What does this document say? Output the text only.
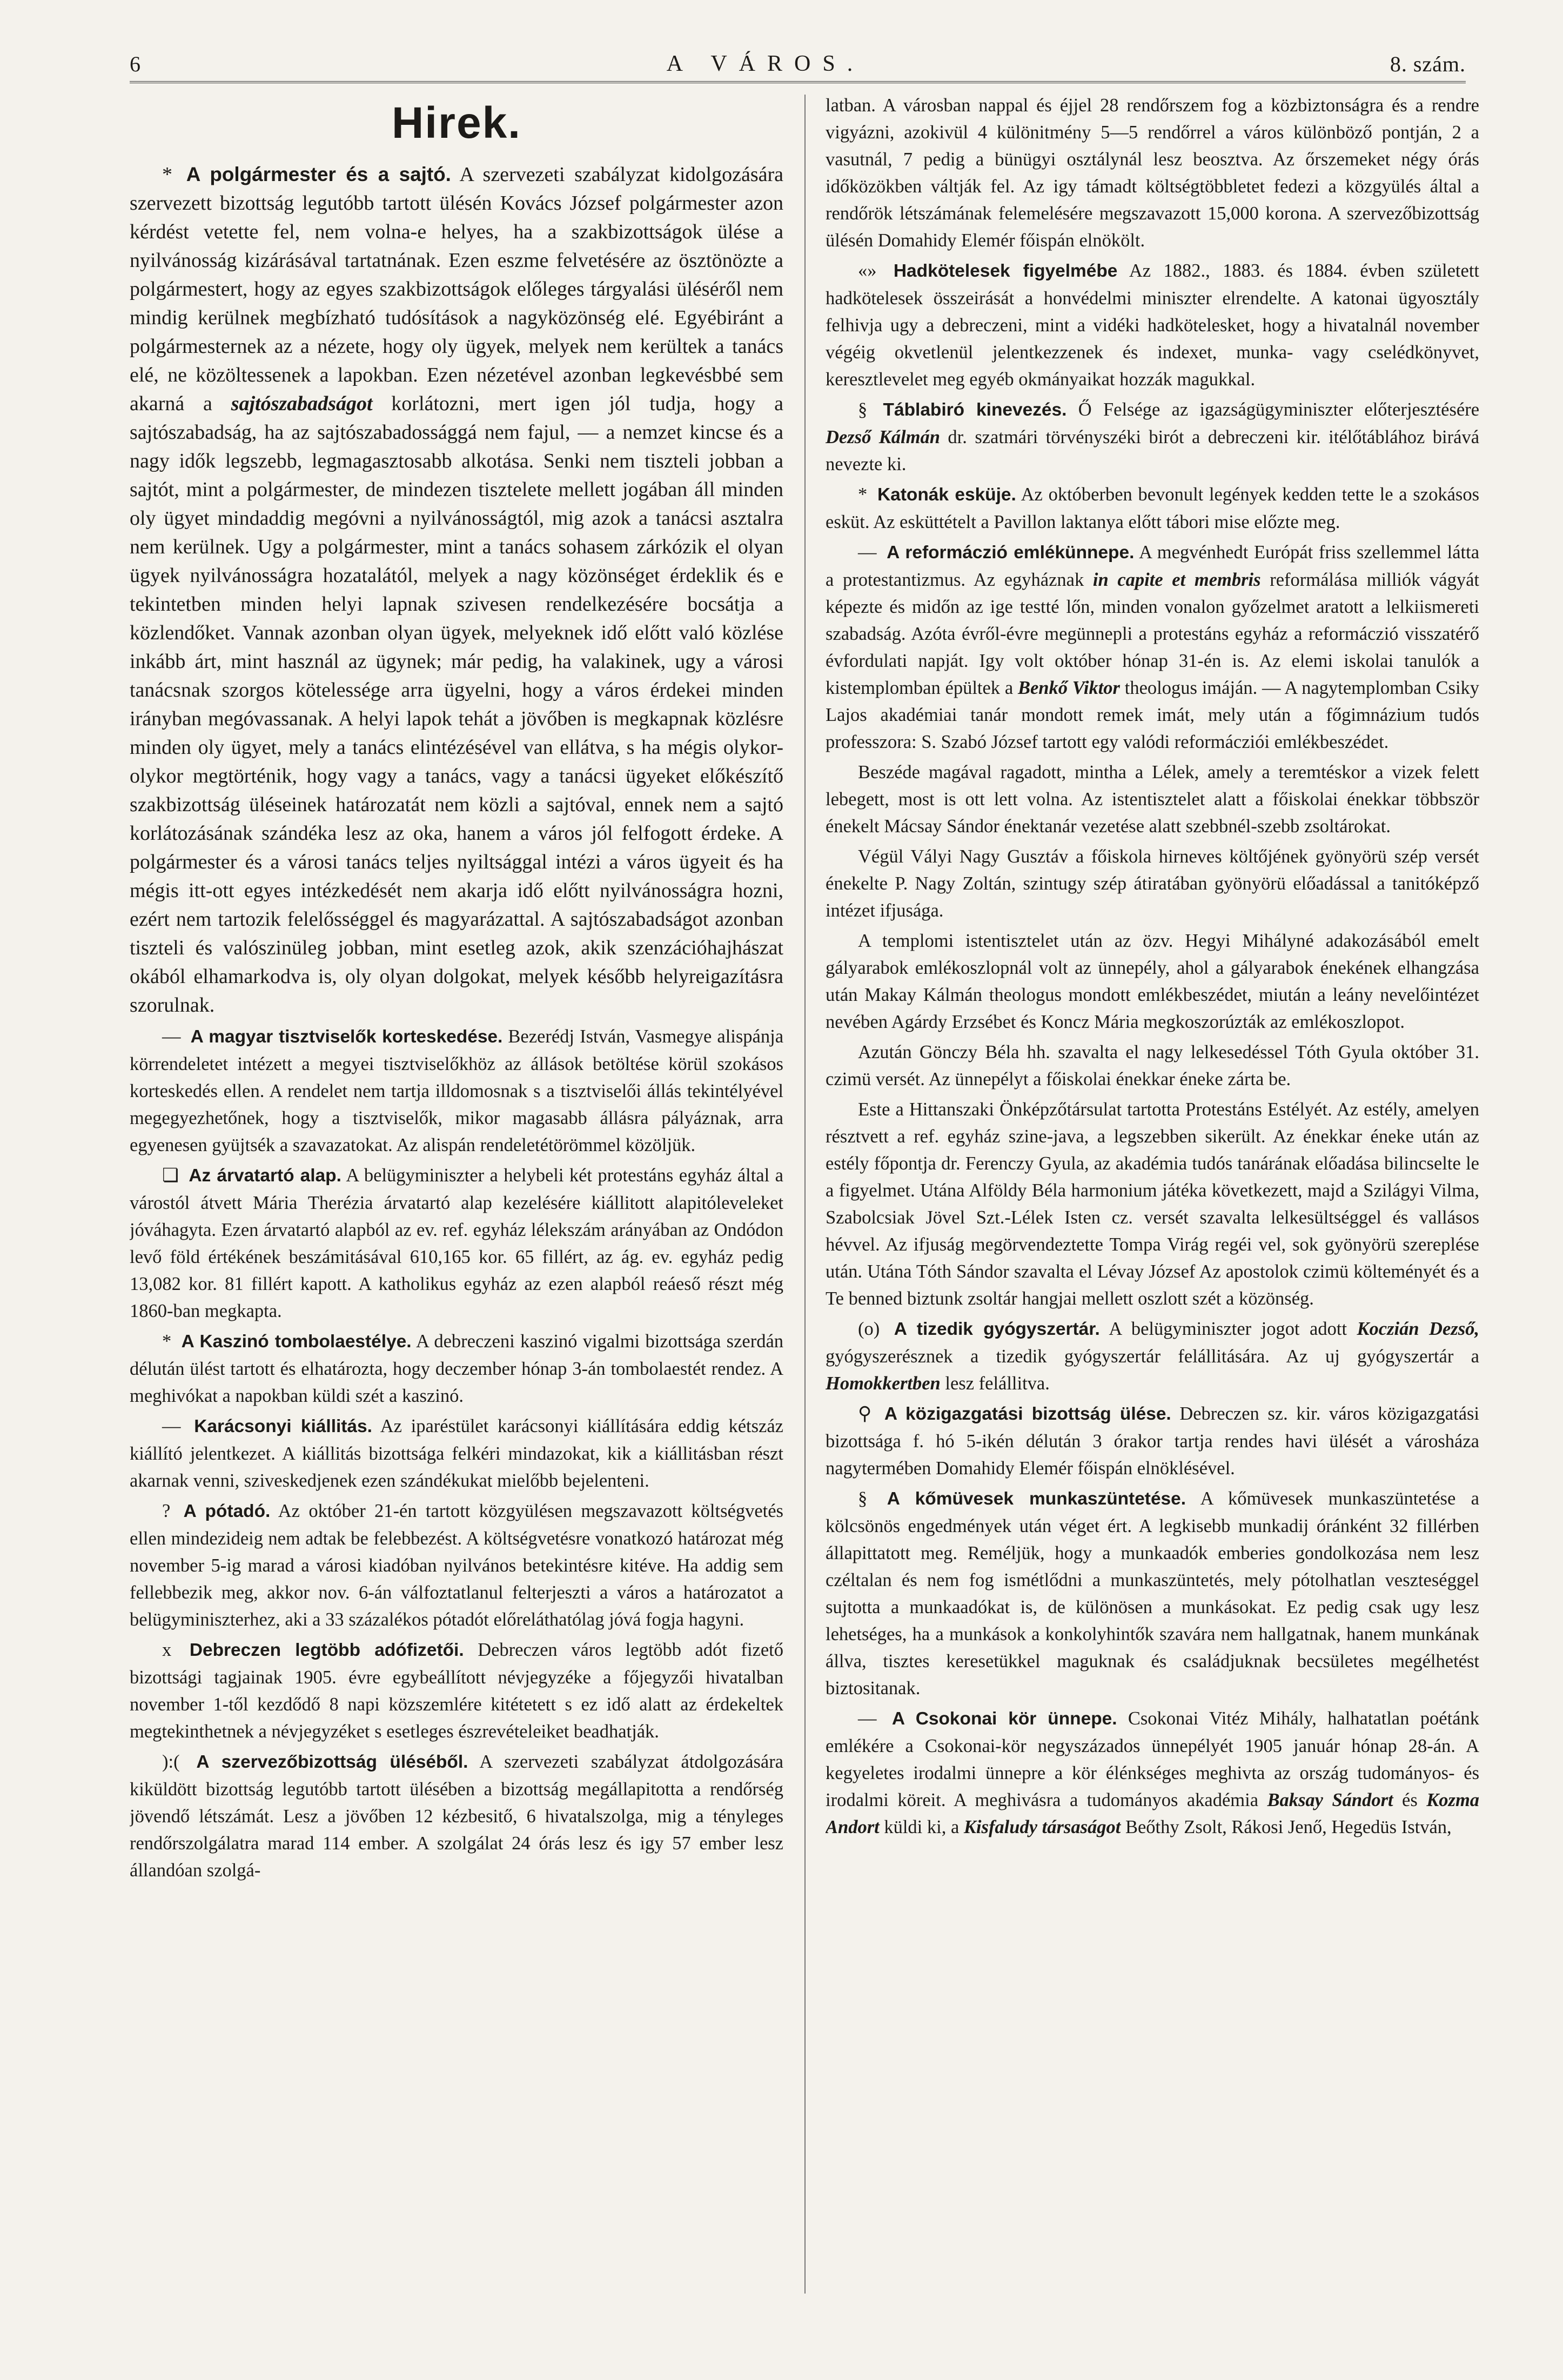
6	A VÁROS.	8. szám.
Hirek.

* A polgármester és a sajtó. A szervezeti szabályzat kidolgozására szervezett bizottság legutóbb tartott ülésén Kovács József polgármester azon kérdést vetette fel, nem volna-e helyes, ha a szakbizottságok ülése a nyilvánosság kizárásával tartatnának. Ezen eszme felvetésére az ösztönözte a polgármestert, hogy az egyes szakbizottságok előleges tárgyalási üléséről nem mindig kerülnek megbízható tudósítások a nagyközönség elé. Egyébiránt a polgármesternek az a nézete, hogy oly ügyek, melyek nem kerültek a tanács elé, ne közöltessenek a lapokban. Ezen nézetével azonban legkevésbbé sem akarná a sajtószabadságot korlátozni, mert igen jól tudja, hogy a sajtószabadság, ha az sajtószabadossággá nem fajul, — a nemzet kincse és a nagy idők legszebb, legmagasztosabb alkotása. Senki nem tiszteli jobban a sajtót, mint a polgármester, de mindezen tisztelete mellett jogában áll minden oly ügyet mindaddig megóvni a nyilvánosságtól, mig azok a tanácsi asztalra nem kerülnek. Ugy a polgármester, mint a tanács sohasem zárkózik el olyan ügyek nyilvánosságra hozatalától, melyek a nagy közönséget érdeklik és e tekintetben minden helyi lapnak szivesen rendelkezésére bocsátja a közlendőket. Vannak azonban olyan ügyek, melyeknek idő előtt való közlése inkább árt, mint használ az ügynek; már pedig, ha valakinek, ugy a városi tanácsnak szorgos kötelessége arra ügyelni, hogy a város érdekei minden irányban megóvassanak. A helyi lapok tehát a jövőben is megkapnak közlésre minden oly ügyet, mely a tanács elintézésével van ellátva, s ha mégis olykor-olykor megtörténik, hogy vagy a tanács, vagy a tanácsi ügyeket előkészítő szakbizottság üléseinek határozatát nem közli a sajtóval, ennek nem a sajtó korlátozásának szándéka lesz az oka, hanem a város jól felfogott érdeke. A polgármester és a városi tanács teljes nyiltsággal intézi a város ügyeit és ha mégis itt-ott egyes intézkedését nem akarja idő előtt nyilvánosságra hozni, ezért nem tartozik felelősséggel és magyarázattal. A sajtószabadságot azonban tiszteli és valószinüleg jobban, mint esetleg azok, akik szenzációhajhászat okából elhamarkodva is, oly olyan dolgokat, melyek később helyreigazításra szorulnak.

— A magyar tisztviselők korteskedése. Bezerédj István, Vasmegye alispánja körrendeletet intézett a megyei tisztviselőkhöz az állások betöltése körül szokásos korteskedés ellen. A rendelet nem tartja illdomosnak s a tisztviselői állás tekintélyével megegyezhetőnek, hogy a tisztviselők, mikor magasabb állásra pályáznak, arra egyenesen gyüjtsék a szavazatokat. Az alispán rendeletétörömmel közöljük.

❏ Az árvatartó alap. A belügyminiszter a helybeli két protestáns egyház által a várostól átvett Mária Therézia árvatartó alap kezelésére kiállitott alapitóleveleket jóváhagyta. Ezen árvatartó alapból az ev. ref. egyház lélekszám arányában az Ondódon levő föld értékének beszámitásával 610,165 kor. 65 fillért, az ág. ev. egyház pedig 13,082 kor. 81 fillért kapott. A katholikus egyház az ezen alapból reáeső részt még 1860-ban megkapta.

* A Kaszinó tombolaestélye. A debreczeni kaszinó vigalmi bizottsága szerdán délután ülést tartott és elhatározta, hogy deczember hónap 3-án tombolaestét rendez. A meghivókat a napokban küldi szét a kaszinó.

— Karácsonyi kiállitás. Az iparéstület karácsonyi kiállítására eddig kétszáz kiállító jelentkezet. A kiállitás bizottsága felkéri mindazokat, kik a kiállitásban részt akarnak venni, sziveskedjenek ezen szándékukat mielőbb bejelenteni.

? A pótadó. Az október 21-én tartott közgyülésen megszavazott költségvetés ellen mindezideig nem adtak be felebbezést. A költségvetésre vonatkozó határozat még november 5-ig marad a városi kiadóban nyilvános betekintésre kitéve. Ha addig sem fellebbezik meg, akkor nov. 6-án válfoztatlanul felterjeszti a város a határozatot a belügyminiszterhez, aki a 33 százalékos pótadót előreláthatólag jóvá fogja hagyni.

x Debreczen legtöbb adófizetői. Debreczen város legtöbb adót fizető bizottsági tagjainak 1905. évre egybeállított névjegyzéke a főjegyzői hivatalban november 1-től kezdődő 8 napi közszemlére kitétetett s ez idő alatt az érdekeltek megtekinthetnek a névjegyzéket s esetleges észrevételeiket beadhatják.

):( A szervezőbizottság üléséből. A szervezeti szabályzat átdolgozására kiküldött bizottság legutóbb tartott ülésében a bizottság megállapitotta a rendőrség jövendő létszámát. Lesz a jövőben 12 kézbesitő, 6 hivatalszolga, mig a tényleges rendőrszolgálatra marad 114 ember. A szolgálat 24 órás lesz és igy 57 ember lesz állandóan szolgá-

latban. A városban nappal és éjjel 28 rendőrszem fog a közbiztonságra és a rendre vigyázni, azokivül 4 különitmény 5—5 rendőrrel a város különböző pontján, 2 a vasutnál, 7 pedig a bünügyi osztálynál lesz beosztva. Az őrszemeket négy órás időközökben váltják fel. Az igy támadt költségtöbbletet fedezi a közgyülés által a rendőrök létszámának felemelésére megszavazott 15,000 korona. A szervezőbizottság ülésén Domahidy Elemér főispán elnökölt.

«» Hadkötelesek figyelmébe Az 1882., 1883. és 1884. évben született hadkötelesek összeirását a honvédelmi miniszter elrendelte. A katonai ügyosztály felhivja ugy a debreczeni, mint a vidéki hadkötelesket, hogy a hivatalnál november végéig okvetlenül jelentkezzenek és indexet, munka- vagy cselédkönyvet, keresztlevelet meg egyéb okmányaikat hozzák magukkal.

§ Táblabiró kinevezés. Ő Felsége az igazságügyminiszter előterjesztésére Dezső Kálmán dr. szatmári törvényszéki birót a debreczeni kir. itélőtáblához birává nevezte ki.

* Katonák esküje. Az októberben bevonult legények kedden tette le a szokásos esküt. Az esküttételt a Pavillon laktanya előtt tábori mise előzte meg.

— A reformáczió emlékünnepe. A megvénhedt Európát friss szellemmel látta a protestantizmus. Az egyháznak in capite et membris reformálása milliók vágyát képezte és midőn az ige testté lőn, minden vonalon győzelmet aratott a lelkiismereti szabadság. Azóta évről-évre megünnepli a protestáns egyház a reformáczió visszatérő évfordulati napját. Igy volt október hónap 31-én is. Az elemi iskolai tanulók a kistemplomban épültek a Benkő Viktor theologus imáján. — A nagytemplomban Csiky Lajos akadémiai tanár mondott remek imát, mely után a főgimnázium tudós professzora: S. Szabó József tartott egy valódi reformácziói emlékbeszédet.

Beszéde magával ragadott, mintha a Lélek, amely a teremtéskor a vizek felett lebegett, most is ott lett volna. Az istentisztelet alatt a főiskolai énekkar többször énekelt Mácsay Sándor énektanár vezetése alatt szebbnél-szebb zsoltárokat.

Végül Vályi Nagy Gusztáv a főiskola hirneves költőjének gyönyörü szép versét énekelte P. Nagy Zoltán, szintugy szép átiratában gyönyörü előadással a tanitóképző intézet ifjusága.

A templomi istentisztelet után az özv. Hegyi Mihályné adakozásából emelt gályarabok emlékoszlopnál volt az ünnepély, ahol a gályarabok énekének elhangzása után Makay Kálmán theologus mondott emlékbeszédet, miután a leány nevelőintézet nevében Agárdy Erzsébet és Koncz Mária megkoszorúzták az emlékoszlopot.

Azután Gönczy Béla hh. szavalta el nagy lelkesedéssel Tóth Gyula október 31. czimü versét. Az ünnepélyt a főiskolai énekkar éneke zárta be.

Este a Hittanszaki Önképzőtársulat tartotta Protestáns Estélyét. Az estély, amelyen résztvett a ref. egyház szine-java, a legszebben sikerült. Az énekkar éneke után az estély főpontja dr. Ferenczy Gyula, az akadémia tudós tanárának előadása bilincselte le a figyelmet. Utána Alföldy Béla harmonium játéka következett, majd a Szilágyi Vilma, Szabolcsiak Jövel Szt.-Lélek Isten cz. versét szavalta lelkesültséggel és vallásos hévvel. Az ifjuság megörvendeztette Tompa Virág regéi vel, sok gyönyörü szereplése után. Utána Tóth Sándor szavalta el Lévay József Az apostolok czimü költeményét és a Te benned biztunk zsoltár hangjai mellett oszlott szét a közönség.

(o) A tizedik gyógyszertár. A belügyminiszter jogot adott Koczián Dezső, gyógyszerésznek a tizedik gyógyszertár felállitására. Az uj gyógyszertár a Homokkertben lesz felállitva.

⚲ A közigazgatási bizottság ülése. Debreczen sz. kir. város közigazgatási bizottsága f. hó 5-ikén délután 3 órakor tartja rendes havi ülését a városháza nagytermében Domahidy Elemér főispán elnöklésével.

§ A kőmüvesek munkaszüntetése. A kőmüvesek munkaszüntetése a kölcsönös engedmények után véget ért. A legkisebb munkadij óránként 32 fillérben állapittatott meg. Reméljük, hogy a munkaadók emberies gondolkozása nem lesz czéltalan és nem fog ismétlődni a munkaszüntetés, mely pótolhatlan veszteséggel sujtotta a munkaadókat is, de különösen a munkásokat. Ez pedig csak ugy lesz lehetséges, ha a munkások a konkolyhintők szavára nem hallgatnak, hanem munkának állva, tisztes keresetükkel maguknak és családjuknak becsületes megélhetést biztositanak.

— A Csokonai kör ünnepe. Csokonai Vitéz Mihály, halhatatlan poétánk emlékére a Csokonai-kör negyszázados ünnepélyét 1905 január hónap 28-án. A kegyeletes irodalmi ünnepre a kör élénkséges meghivta az ország tudományos- és irodalmi köreit. A meghivásra a tudományos akadémia Baksay Sándort és Kozma Andort küldi ki, a Kisfaludy társaságot Beőthy Zsolt, Rákosi Jenő, Hegedüs István,
